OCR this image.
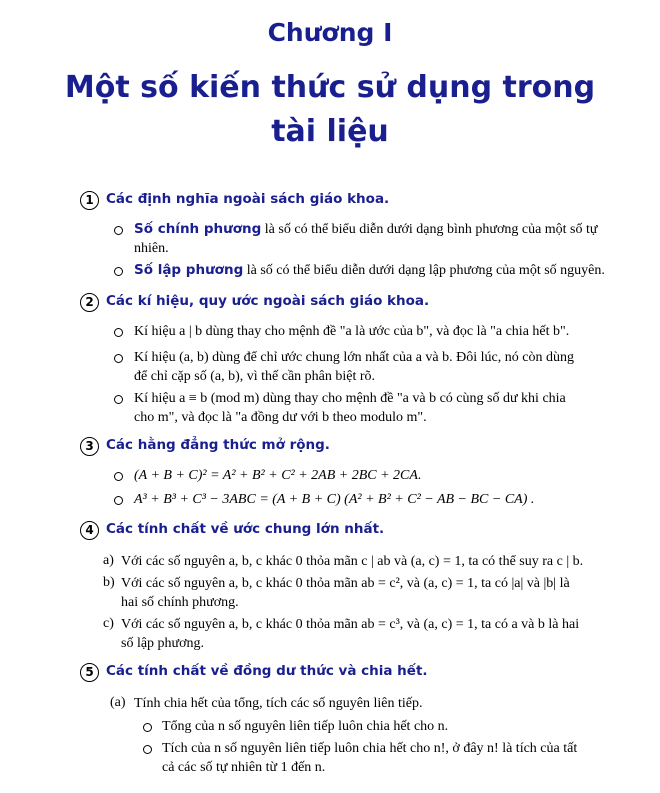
Chương I
Một số kiến thức sử dụng trong
tài liệu
1 Các định nghĩa ngoài sách giáo khoa.
Số chính phương là số có thể biểu diễn dưới dạng bình phương của một số tự
nhiên.
Số lập phương là số có thể biểu diễn dưới dạng lập phương của một số nguyên.
2 Các kí hiệu, quy ước ngoài sách giáo khoa.
Kí hiệu a | b dùng thay cho mệnh đề "a là ước của b", và đọc là "a chia hết b".
Kí hiệu (a, b) dùng để chỉ ước chung lớn nhất của a và b. Đôi lúc, nó còn dùng
để chỉ cặp số (a, b), vì thế cần phân biệt rõ.
Kí hiệu a ≡ b (mod m) dùng thay cho mệnh đề "a và b có cùng số dư khi chia
cho m", và đọc là "a đồng dư với b theo modulo m".
3 Các hằng đẳng thức mở rộng.
(A + B + C)² = A² + B² + C² + 2AB + 2BC + 2CA.
A³ + B³ + C³ − 3ABC = (A + B + C) (A² + B² + C² − AB − BC − CA) .
4 Các tính chất về ước chung lớn nhất.
a) Với các số nguyên a, b, c khác 0 thỏa mãn c | ab và (a, c) = 1, ta có thể suy ra c | b.
b) Với các số nguyên a, b, c khác 0 thỏa mãn ab = c², và (a, c) = 1, ta có |a| và |b| là
hai số chính phương.
c) Với các số nguyên a, b, c khác 0 thỏa mãn ab = c³, và (a, c) = 1, ta có a và b là hai
số lập phương.
5 Các tính chất về đồng dư thức và chia hết.
(a) Tính chia hết của tổng, tích các số nguyên liên tiếp.
Tổng của n số nguyên liên tiếp luôn chia hết cho n.
Tích của n số nguyên liên tiếp luôn chia hết cho n!, ở đây n! là tích của tất
cả các số tự nhiên từ 1 đến n.
